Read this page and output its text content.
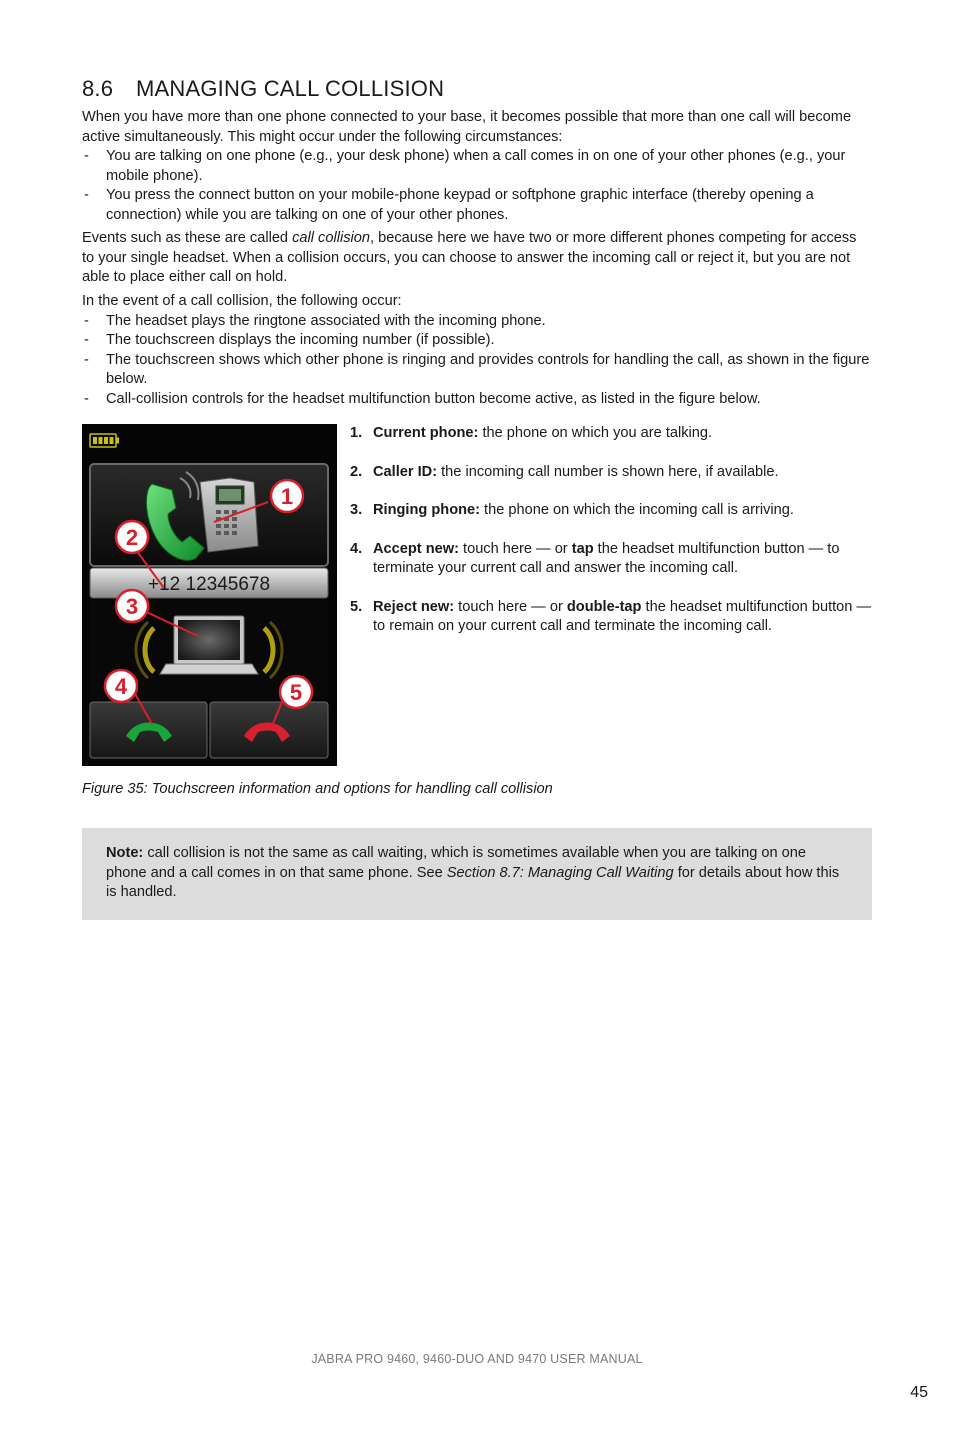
8.6 MANAGING CALL COLLISION

When you have more than one phone connected to your base, it becomes possible that more than one call will become active simultaneously. This might occur under the following circumstances:

- You are talking on one phone (e.g., your desk phone) when a call comes in on one of your other phones (e.g., your mobile phone).
- You press the connect button on your mobile-phone keypad or softphone graphic interface (thereby opening a connection) while you are talking on one of your other phones.

Events such as these are called call collision, because here we have two or more different phones competing for access to your single headset. When a collision occurs, you can choose to answer the incoming call or reject it, but you are not able to place either call on hold.

In the event of a call collision, the following occur:

- The headset plays the ringtone associated with the incoming phone.
- The touchscreen displays the incoming number (if possible).
- The touchscreen shows which other phone is ringing and provides controls for handling the call, as shown in the figure below.
- Call-collision controls for the headset multifunction button become active, as listed in the figure below.
+12 12345678
1
2
3
4	5
1. Current phone: the phone on which you are talking.
2. Caller ID: the incoming call number is shown here, if available.
3. Ringing phone: the phone on which the incoming call is arriving.
4. Accept new: touch here — or tap the headset multifunction button — to terminate your current call and answer the incoming call.
5. Reject new: touch here — or double-tap the headset multifunction button — to remain on your current call and terminate the incoming call.
Figure 35: Touchscreen information and options for handling call collision
Note: call collision is not the same as call waiting, which is sometimes available when you are talking on one phone and a call comes in on that same phone. See Section 8.7: Managing Call Waiting for details about how this is handled.
JABRA PRO 9460, 9460-DUO AND 9470 USER MANUAL
45
